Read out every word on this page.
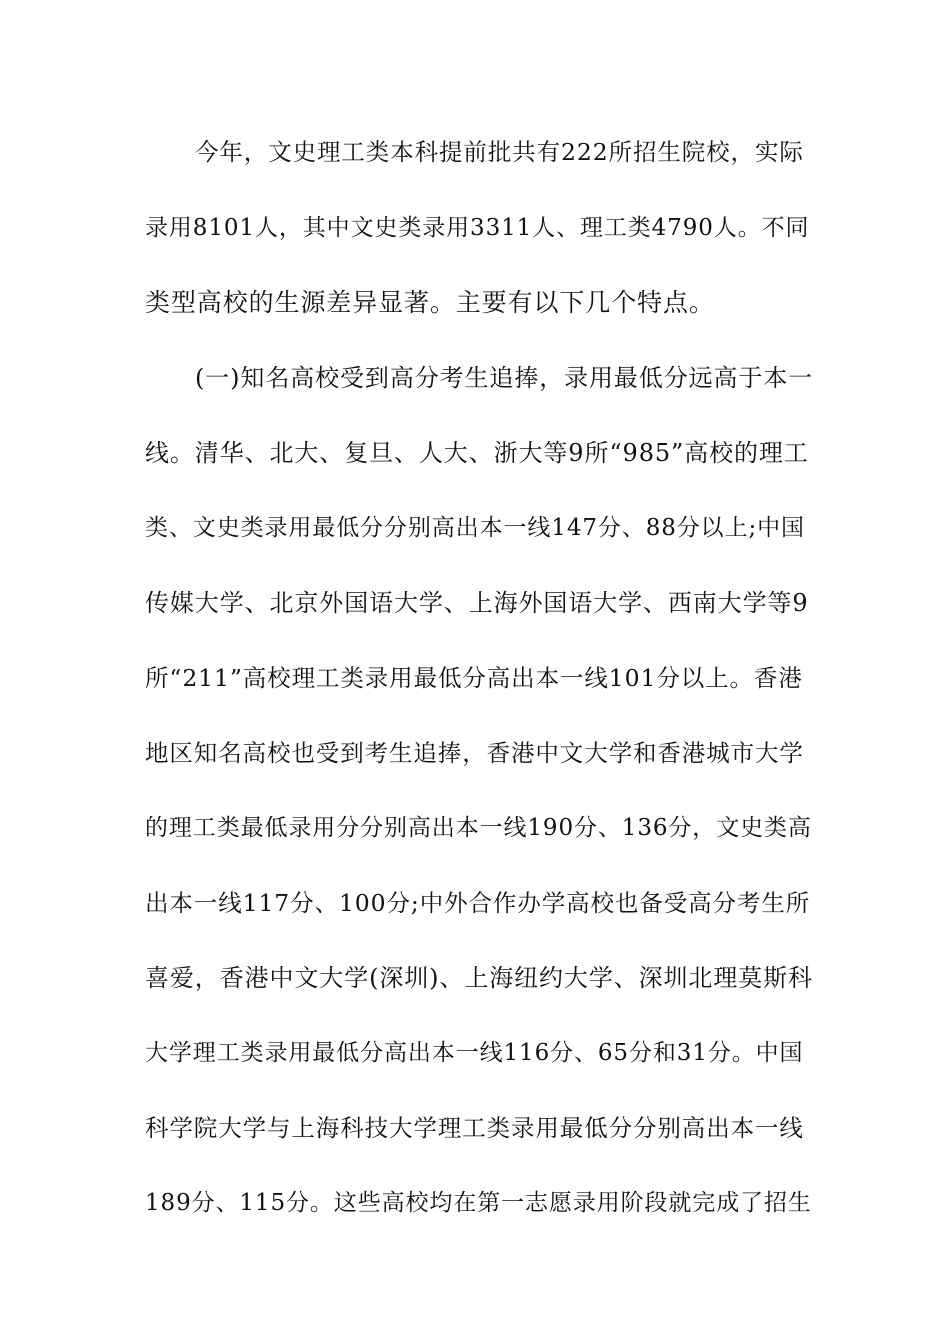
今年，文史理工类本科提前批共有222所招生院校，实际
录用8101人，其中文史类录用3311人、理工类4790人。不同
类型高校的生源差异显著。主要有以下几个特点。
(一)知名高校受到高分考生追捧，录用最低分远高于本一
线。清华、北大、复旦、人大、浙大等9所“985”高校的理工
类、文史类录用最低分分别高出本一线147分、88分以上;中国
传媒大学、北京外国语大学、上海外国语大学、西南大学等9
所“211”高校理工类录用最低分高出本一线101分以上。香港
地区知名高校也受到考生追捧，香港中文大学和香港城市大学
的理工类最低录用分分别高出本一线190分、136分，文史类高
出本一线117分、100分;中外合作办学高校也备受高分考生所
喜爱，香港中文大学(深圳)、上海纽约大学、深圳北理莫斯科
大学理工类录用最低分高出本一线116分、65分和31分。中国
科学院大学与上海科技大学理工类录用最低分分别高出本一线
189分、115分。这些高校均在第一志愿录用阶段就完成了招生
